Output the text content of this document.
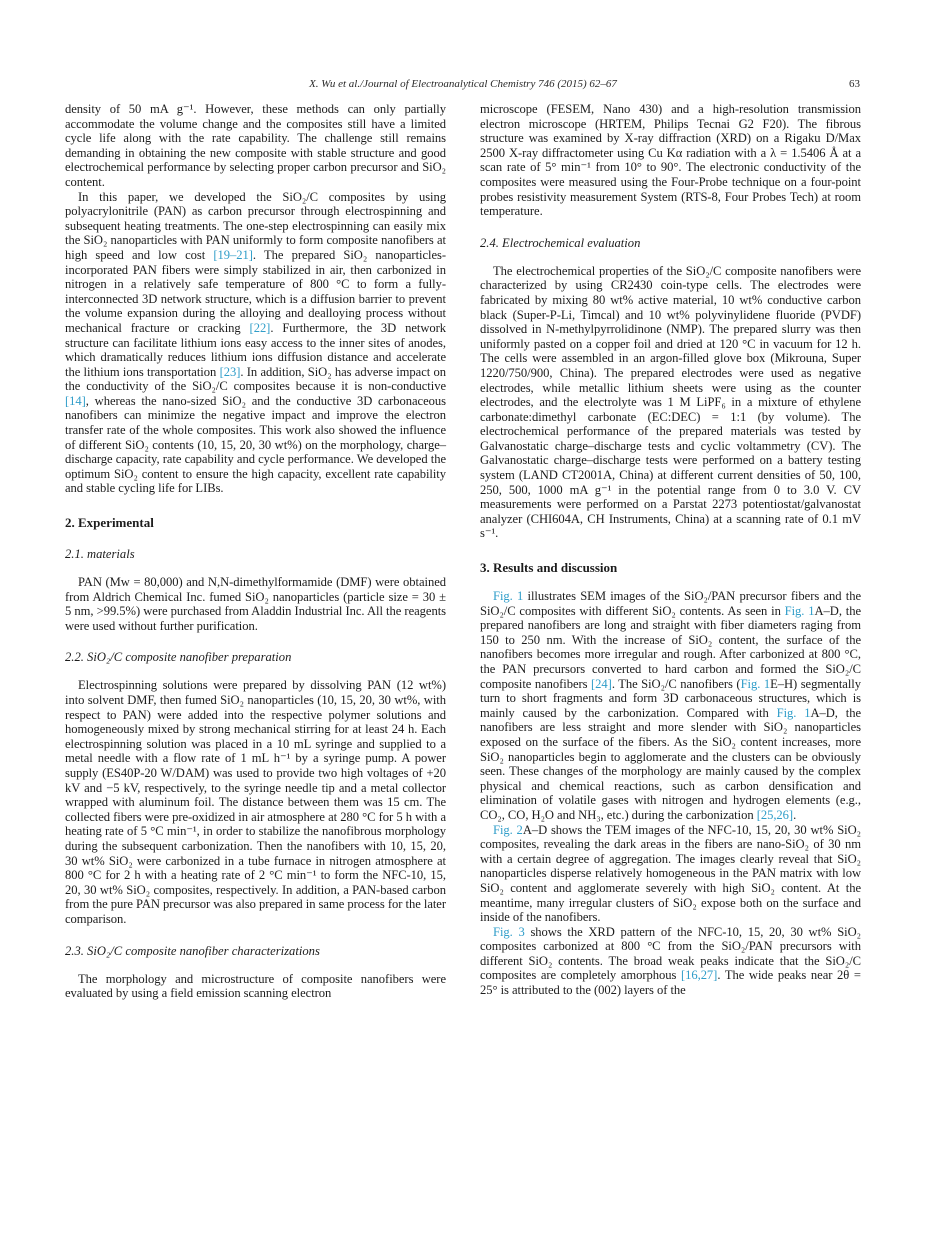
X. Wu et al./Journal of Electroanalytical Chemistry 746 (2015) 62–67	63

density of 50 mA g⁻¹. However, these methods can only partially accommodate the volume change and the composites still have a limited cycle life along with the rate capability. The challenge still remains demanding in obtaining the new composite with stable structure and good electrochemical performance by selecting proper carbon precursor and SiO₂ content.

In this paper, we developed the SiO₂/C composites by using polyacrylonitrile (PAN) as carbon precursor through electrospinning and subsequent heating treatments. The one-step electrospinning can easily mix the SiO₂ nanoparticles with PAN uniformly to form composite nanofibers at high speed and low cost [19–21]. The prepared SiO₂ nanoparticles-incorporated PAN fibers were simply stabilized in air, then carbonized in nitrogen in a relatively safe temperature of 800 °C to form a fully-interconnected 3D network structure, which is a diffusion barrier to prevent the volume expansion during the alloying and dealloying process without mechanical fracture or cracking [22]. Furthermore, the 3D network structure can facilitate lithium ions easy access to the inner sites of anodes, which dramatically reduces lithium ions diffusion distance and accelerate the lithium ions transportation [23]. In addition, SiO₂ has adverse impact on the conductivity of the SiO₂/C composites because it is non-conductive [14], whereas the nano-sized SiO₂ and the conductive 3D carbonaceous nanofibers can minimize the negative impact and improve the electron transfer rate of the whole composites. This work also showed the influence of different SiO₂ contents (10, 15, 20, 30 wt%) on the morphology, charge–discharge capacity, rate capability and cycle performance. We developed the optimum SiO₂ content to ensure the high capacity, excellent rate capability and stable cycling life for LIBs.

2. Experimental
2.1. materials

PAN (Mw = 80,000) and N,N-dimethylformamide (DMF) were obtained from Aldrich Chemical Inc. fumed SiO₂ nanoparticles (particle size = 30 ± 5 nm, >99.5%) were purchased from Aladdin Industrial Inc. All the reagents were used without further purification.

2.2. SiO₂/C composite nanofiber preparation

Electrospinning solutions were prepared by dissolving PAN (12 wt%) into solvent DMF, then fumed SiO₂ nanoparticles (10, 15, 20, 30 wt%, with respect to PAN) were added into the respective polymer solutions and homogeneously mixed by strong mechanical stirring for at least 24 h. Each electrospinning solution was placed in a 10 mL syringe and supplied to a metal needle with a flow rate of 1 mL h⁻¹ by a syringe pump. A power supply (ES40P-20 W/DAM) was used to provide two high voltages of +20 kV and −5 kV, respectively, to the syringe needle tip and a metal collector wrapped with aluminum foil. The distance between them was 15 cm. The collected fibers were pre-oxidized in air atmosphere at 280 °C for 5 h with a heating rate of 5 °C min⁻¹, in order to stabilize the nanofibrous morphology during the subsequent carbonization. Then the nanofibers with 10, 15, 20, 30 wt% SiO₂ were carbonized in a tube furnace in nitrogen atmosphere at 800 °C for 2 h with a heating rate of 2 °C min⁻¹ to form the NFC-10, 15, 20, 30 wt% SiO₂ composites, respectively. In addition, a PAN-based carbon from the pure PAN precursor was also prepared in same process for the later comparison.

2.3. SiO₂/C composite nanofiber characterizations

The morphology and microstructure of composite nanofibers were evaluated by using a field emission scanning electron

microscope (FESEM, Nano 430) and a high-resolution transmission electron microscope (HRTEM, Philips Tecnai G2 F20). The fibrous structure was examined by X-ray diffraction (XRD) on a Rigaku D/Max 2500 X-ray diffractometer using Cu Kα radiation with a λ = 1.5406 Å at a scan rate of 5° min⁻¹ from 10° to 90°. The electronic conductivity of the composites were measured using the Four-Probe technique on a four-point probes resistivity measurement System (RTS-8, Four Probes Tech) at room temperature.

2.4. Electrochemical evaluation

The electrochemical properties of the SiO₂/C composite nanofibers were characterized by using CR2430 coin-type cells. The electrodes were fabricated by mixing 80 wt% active material, 10 wt% conductive carbon black (Super-P-Li, Timcal) and 10 wt% polyvinylidene fluoride (PVDF) dissolved in N-methylpyrrolidinone (NMP). The prepared slurry was then uniformly pasted on a copper foil and dried at 120 °C in vacuum for 12 h. The cells were assembled in an argon-filled glove box (Mikrouna, Super 1220/750/900, China). The prepared electrodes were used as negative electrodes, while metallic lithium sheets were using as the counter electrodes, and the electrolyte was 1 M LiPF₆ in a mixture of ethylene carbonate:dimethyl carbonate (EC:DEC) = 1:1 (by volume). The electrochemical performance of the prepared materials was tested by Galvanostatic charge–discharge tests and cyclic voltammetry (CV). The Galvanostatic charge–discharge tests were performed on a battery testing system (LAND CT2001A, China) at different current densities of 50, 100, 250, 500, 1000 mA g⁻¹ in the potential range from 0 to 3.0 V. CV measurements were performed on a Parstat 2273 potentiostat/galvanostat analyzer (CHI604A, CH Instruments, China) at a scanning rate of 0.1 mV s⁻¹.

3. Results and discussion

Fig. 1 illustrates SEM images of the SiO₂/PAN precursor fibers and the SiO₂/C composites with different SiO₂ contents. As seen in Fig. 1A–D, the prepared nanofibers are long and straight with fiber diameters raging from 150 to 250 nm. With the increase of SiO₂ content, the surface of the nanofibers becomes more irregular and rough. After carbonized at 800 °C, the PAN precursors converted to hard carbon and formed the SiO₂/C composite nanofibers [24]. The SiO₂/C nanofibers (Fig. 1E–H) segmentally turn to short fragments and form 3D carbonaceous structures, which is mainly caused by the carbonization. Compared with Fig. 1A–D, the nanofibers are less straight and more slender with SiO₂ nanoparticles exposed on the surface of the fibers. As the SiO₂ content increases, more SiO₂ nanoparticles begin to agglomerate and the clusters can be obviously seen. These changes of the morphology are mainly caused by the complex physical and chemical reactions, such as carbon densification and elimination of volatile gases with nitrogen and hydrogen elements (e.g., CO₂, CO, H₂O and NH₃, etc.) during the carbonization [25,26].

Fig. 2A–D shows the TEM images of the NFC-10, 15, 20, 30 wt% SiO₂ composites, revealing the dark areas in the fibers are nano-SiO₂ of 30 nm with a certain degree of aggregation. The images clearly reveal that SiO₂ nanoparticles disperse relatively homogeneous in the PAN matrix with low SiO₂ content and agglomerate severely with high SiO₂ content. At the meantime, many irregular clusters of SiO₂ expose both on the surface and inside of the nanofibers.

Fig. 3 shows the XRD pattern of the NFC-10, 15, 20, 30 wt% SiO₂ composites carbonized at 800 °C from the SiO₂/PAN precursors with different SiO₂ contents. The broad weak peaks indicate that the SiO₂/C composites are completely amorphous [16,27]. The wide peaks near 2θ = 25° is attributed to the (002) layers of the
